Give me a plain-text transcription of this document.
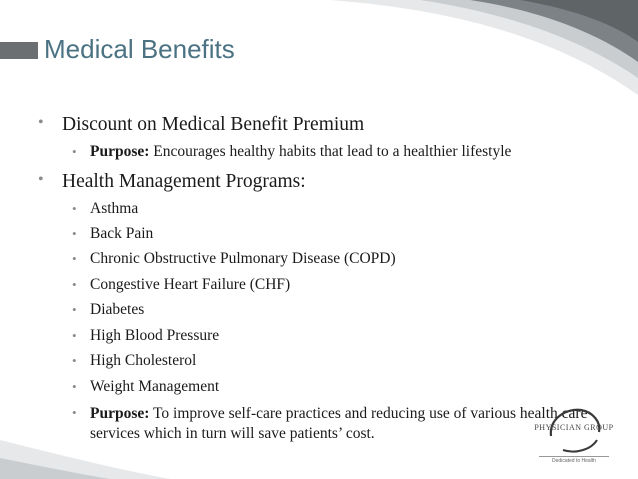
Medical Benefits
• Discount on Medical Benefit Premium
• Purpose: Encourages healthy habits that lead to a healthier lifestyle
• Health Management Programs:
• Asthma
• Back Pain
• Chronic Obstructive Pulmonary Disease (COPD)
• Congestive Heart Failure (CHF)
• Diabetes
• High Blood Pressure
• High Cholesterol
• Weight Management
• Purpose: To improve self-care practices and reducing use of various health care services which in turn will save patients’ cost.	PHYSICIAN GROUP
Dedicated to Health
